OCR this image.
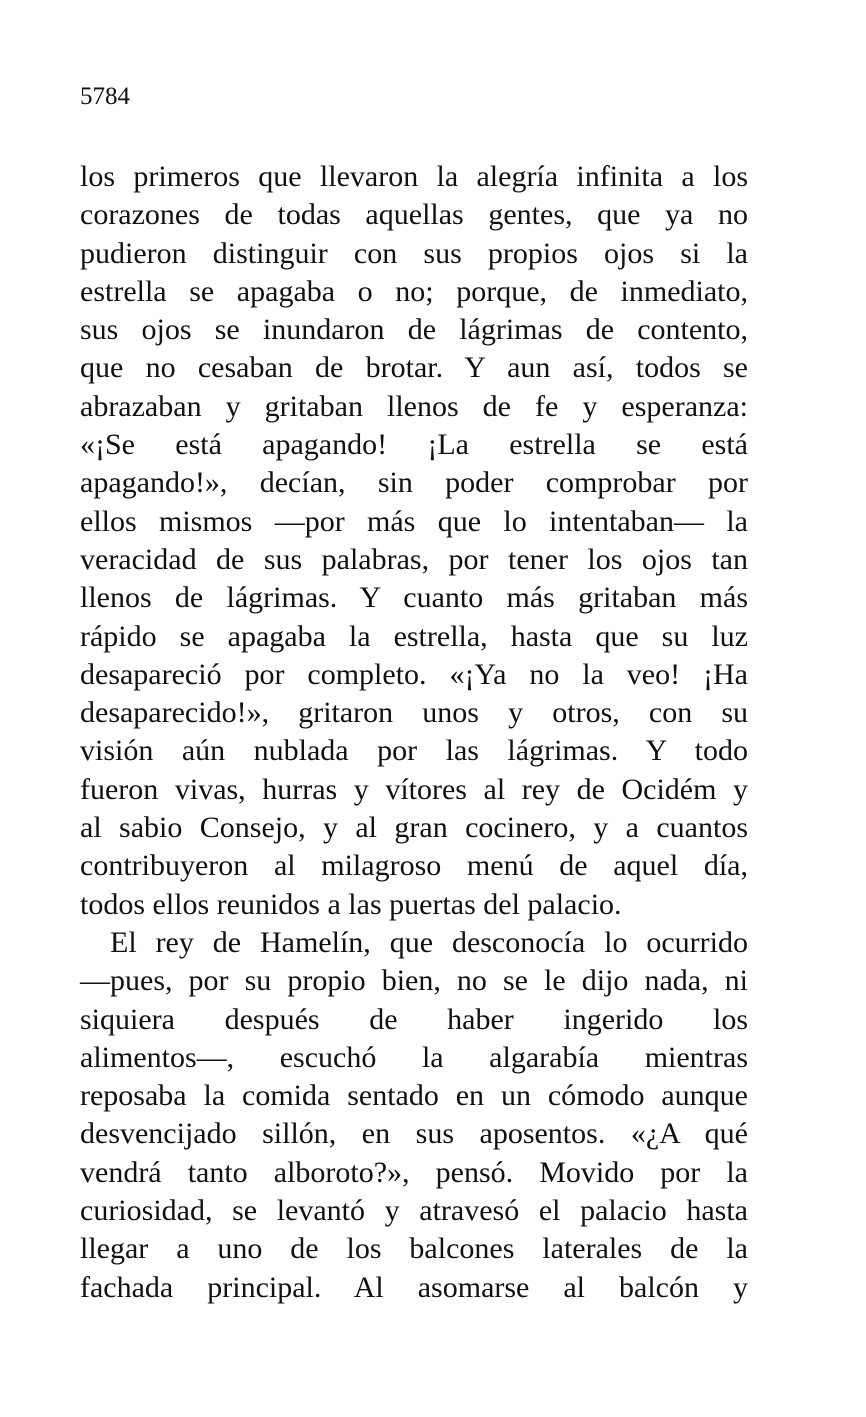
5784

los primeros que llevaron la alegría infinita a los
corazones de todas aquellas gentes, que ya no
pudieron distinguir con sus propios ojos si la
estrella se apagaba o no; porque, de inmediato,
sus ojos se inundaron de lágrimas de contento,
que no cesaban de brotar. Y aun así, todos se
abrazaban y gritaban llenos de fe y esperanza:
«¡Se está apagando! ¡La estrella se está
apagando!», decían, sin poder comprobar por
ellos mismos —por más que lo intentaban— la
veracidad de sus palabras, por tener los ojos tan
llenos de lágrimas. Y cuanto más gritaban más
rápido se apagaba la estrella, hasta que su luz
desapareció por completo. «¡Ya no la veo! ¡Ha
desaparecido!», gritaron unos y otros, con su
visión aún nublada por las lágrimas. Y todo
fueron vivas, hurras y vítores al rey de Ocidém y
al sabio Consejo, y al gran cocinero, y a cuantos
contribuyeron al milagroso menú de aquel día,
todos ellos reunidos a las puertas del palacio.

El rey de Hamelín, que desconocía lo ocurrido
—pues, por su propio bien, no se le dijo nada, ni
siquiera después de haber ingerido los
alimentos—, escuchó la algarabía mientras
reposaba la comida sentado en un cómodo aunque
desvencijado sillón, en sus aposentos. «¿A qué
vendrá tanto alboroto?», pensó. Movido por la
curiosidad, se levantó y atravesó el palacio hasta
llegar a uno de los balcones laterales de la
fachada principal. Al asomarse al balcón y
